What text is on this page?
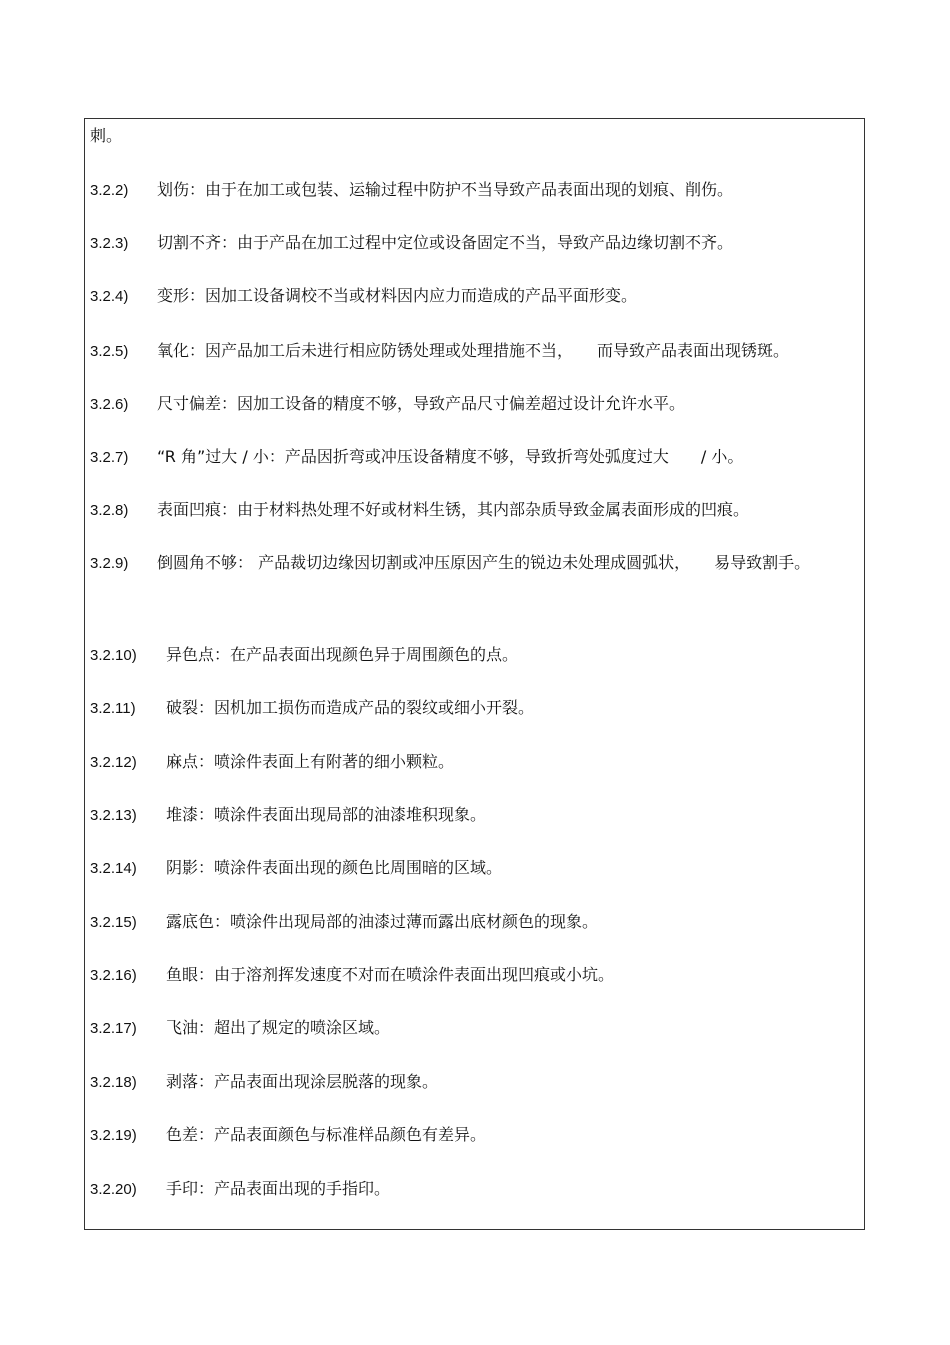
刺。
3.2.2) 划伤：由于在加工或包装、运输过程中防护不当导致产品表面出现的划痕、削伤。
3.2.3) 切割不齐：由于产品在加工过程中定位或设备固定不当，导致产品边缘切割不齐。
3.2.4) 变形：因加工设备调校不当或材料因内应力而造成的产品平面形变。
3.2.5) 氧化：因产品加工后未进行相应防锈处理或处理措施不当，　　而导致产品表面出现锈斑。
3.2.6) 尺寸偏差：因加工设备的精度不够，导致产品尺寸偏差超过设计允许水平。
3.2.7) “R 角”过大 / 小：产品因折弯或冲压设备精度不够，导致折弯处弧度过大　　/ 小。
3.2.8) 表面凹痕：由于材料热处理不好或材料生锈，其内部杂质导致金属表面形成的凹痕。
3.2.9) 倒圆角不够： 产品裁切边缘因切割或冲压原因产生的锐边未处理成圆弧状，　　易导致割手。
3.2.10) 异色点：在产品表面出现颜色异于周围颜色的点。
3.2.11) 破裂：因机加工损伤而造成产品的裂纹或细小开裂。
3.2.12) 麻点：喷涂件表面上有附著的细小颗粒。
3.2.13) 堆漆：喷涂件表面出现局部的油漆堆积现象。
3.2.14) 阴影：喷涂件表面出现的颜色比周围暗的区域。
3.2.15) 露底色：喷涂件出现局部的油漆过薄而露出底材颜色的现象。
3.2.16) 鱼眼：由于溶剂挥发速度不对而在喷涂件表面出现凹痕或小坑。
3.2.17) 飞油：超出了规定的喷涂区域。
3.2.18) 剥落：产品表面出现涂层脱落的现象。
3.2.19) 色差：产品表面颜色与标准样品颜色有差异。
3.2.20) 手印：产品表面出现的手指印。
